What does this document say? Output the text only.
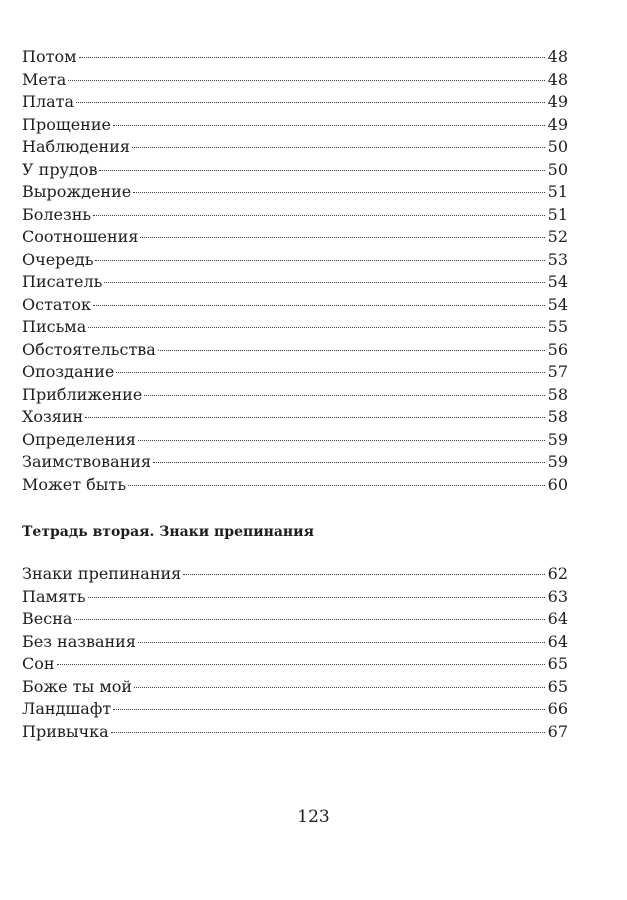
Потом	48
Мета	48
Плата	49
Прощение	49
Наблюдения	50
У прудов	50
Вырождение	51
Болезнь	51
Соотношения	52
Очередь	53
Писатель	54
Остаток	54
Письма	55
Обстоятельства	56
Опоздание	57
Приближение	58
Хозяин	58
Определения	59
Заимствования	59
Может быть	60
Тетрадь вторая. Знаки препинания
Знаки препинания	62
Память	63
Весна	64
Без названия	64
Сон	65
Боже ты мой	65
Ландшафт	66
Привычка	67
123
